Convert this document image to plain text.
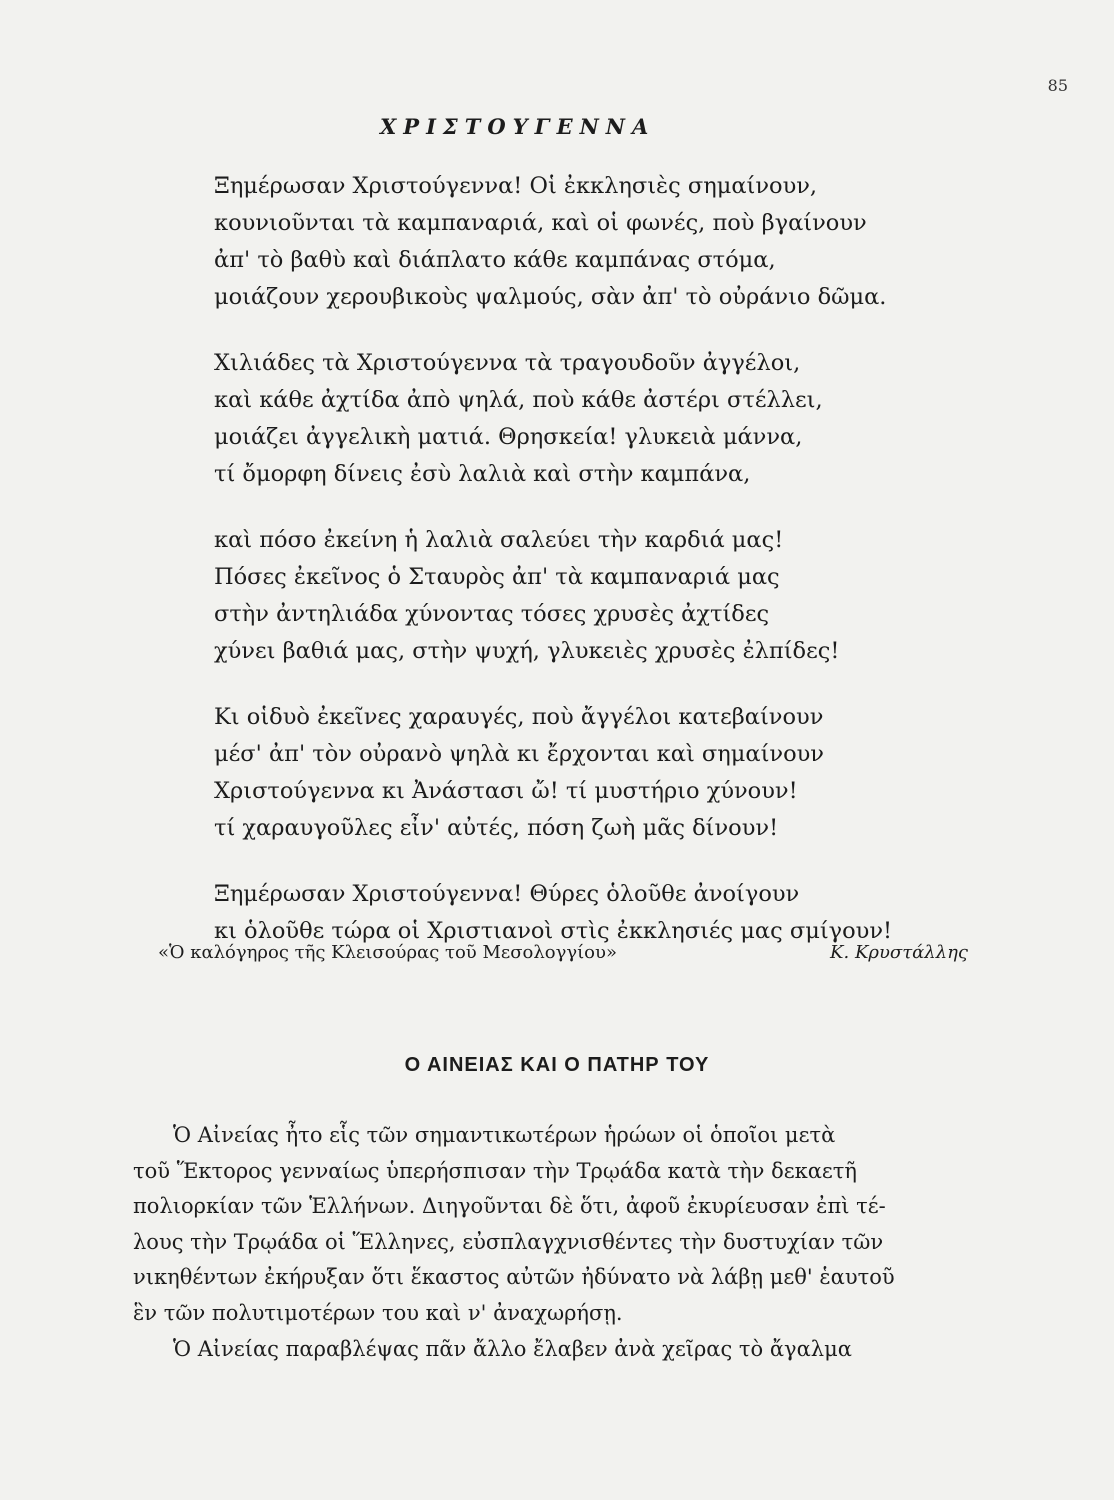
85
ΧΡΙΣΤΟΥΓΕΝΝΑ
Ξημέρωσαν Χριστούγεννα! Οἱ ἐκκλησιὲς σημαίνουν,
κουνιοῦνται τὰ καμπαναριά, καὶ οἱ φωνές, ποὺ βγαίνουν
ἀπ' τὸ βαθὺ καὶ διάπλατο κάθε καμπάνας στόμα,
μοιάζουν χερουβικοὺς ψαλμούς, σὰν ἀπ' τὸ οὐράνιο δῶμα.
Χιλιάδες τὰ Χριστούγεννα τὰ τραγουδοῦν ἀγγέλοι,
καὶ κάθε ἀχτίδα ἀπὸ ψηλά, ποὺ κάθε ἀστέρι στέλλει,
μοιάζει ἀγγελικὴ ματιά. Θρησκεία! γλυκειὰ μάννα,
τί ὄμορφη δίνεις ἐσὺ λαλιὰ καὶ στὴν καμπάνα,
καὶ πόσο ἐκείνη ἡ λαλιὰ σαλεύει τὴν καρδιά μας!
Πόσες ἐκεῖνος ὁ Σταυρὸς ἀπ' τὰ καμπαναριά μας
στὴν ἀντηλιάδα χύνοντας τόσες χρυσὲς ἀχτίδες
χύνει βαθιά μας, στὴν ψυχή, γλυκειὲς χρυσὲς ἐλπίδες!
Κι οἱδυὸ ἐκεῖνες χαραυγές, ποὺ ἄγγέλοι κατεβαίνουν
μέσ' ἀπ' τὸν οὐρανὸ ψηλὰ κι ἔρχονται καὶ σημαίνουν
Χριστούγεννα κι Ἀνάστασι ὤ! τί μυστήριο χύνουν!
τί χαραυγοῦλες εἶν' αὐτές, πόση ζωὴ μᾶς δίνουν!
Ξημέρωσαν Χριστούγεννα! Θύρες ὁλοῦθε ἀνοίγουν
κι ὁλοῦθε τώρα οἱ Χριστιανοὶ στὶς ἐκκλησιές μας σμίγουν!
«Ὁ καλόγηρος τῆς Κλεισούρας τοῦ Μεσολογγίου»	Κ. Κρυστάλλης
Ο ΑΙΝΕΙΑΣ ΚΑΙ Ο ΠΑΤΗΡ ΤΟΥ
Ὁ Αἰνείας ἦτο εἷς τῶν σημαντικωτέρων ἡρώων οἱ ὁποῖοι μετὰ
τοῦ Ἕκτορος γενναίως ὑπερήσπισαν τὴν Τρῳάδα κατὰ τὴν δεκαετῆ
πολιορκίαν τῶν Ἑλλήνων. Διηγοῦνται δὲ ὅτι, ἀφοῦ ἐκυρίευσαν ἐπὶ τέ-
λους τὴν Τρῳάδα οἱ Ἕλληνες, εὐσπλαγχνισθέντες τὴν δυστυχίαν τῶν
νικηθέντων ἐκήρυξαν ὅτι ἕκαστος αὐτῶν ἠδύνατο νὰ λάβῃ μεθ' ἑαυτοῦ
ἓν τῶν πολυτιμοτέρων του καὶ ν' ἀναχωρήσῃ.
Ὁ Αἰνείας παραβλέψας πᾶν ἄλλο ἔλαβεν ἀνὰ χεῖρας τὸ ἄγαλμα
